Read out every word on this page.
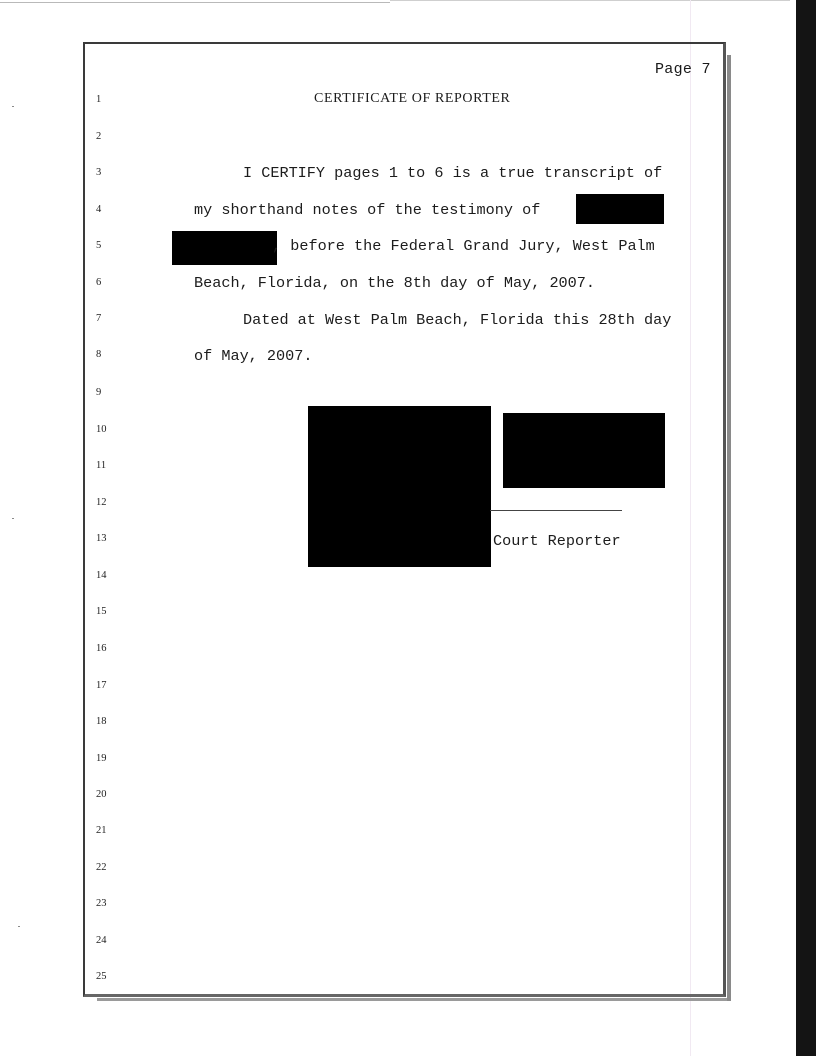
Page 7
1
2
3
4
5
6
7
8
9
10
11
12
13
14
15
16
17
18
19
20
21
22
23
24
25
CERTIFICATE OF REPORTER
I CERTIFY pages 1 to 6 is a true transcript of
my shorthand notes of the testimony of
, before the Federal Grand Jury, West Palm
Beach, Florida, on the 8th day of May, 2007.
Dated at West Palm Beach, Florida this 28th day
of May, 2007.
Court Reporter
